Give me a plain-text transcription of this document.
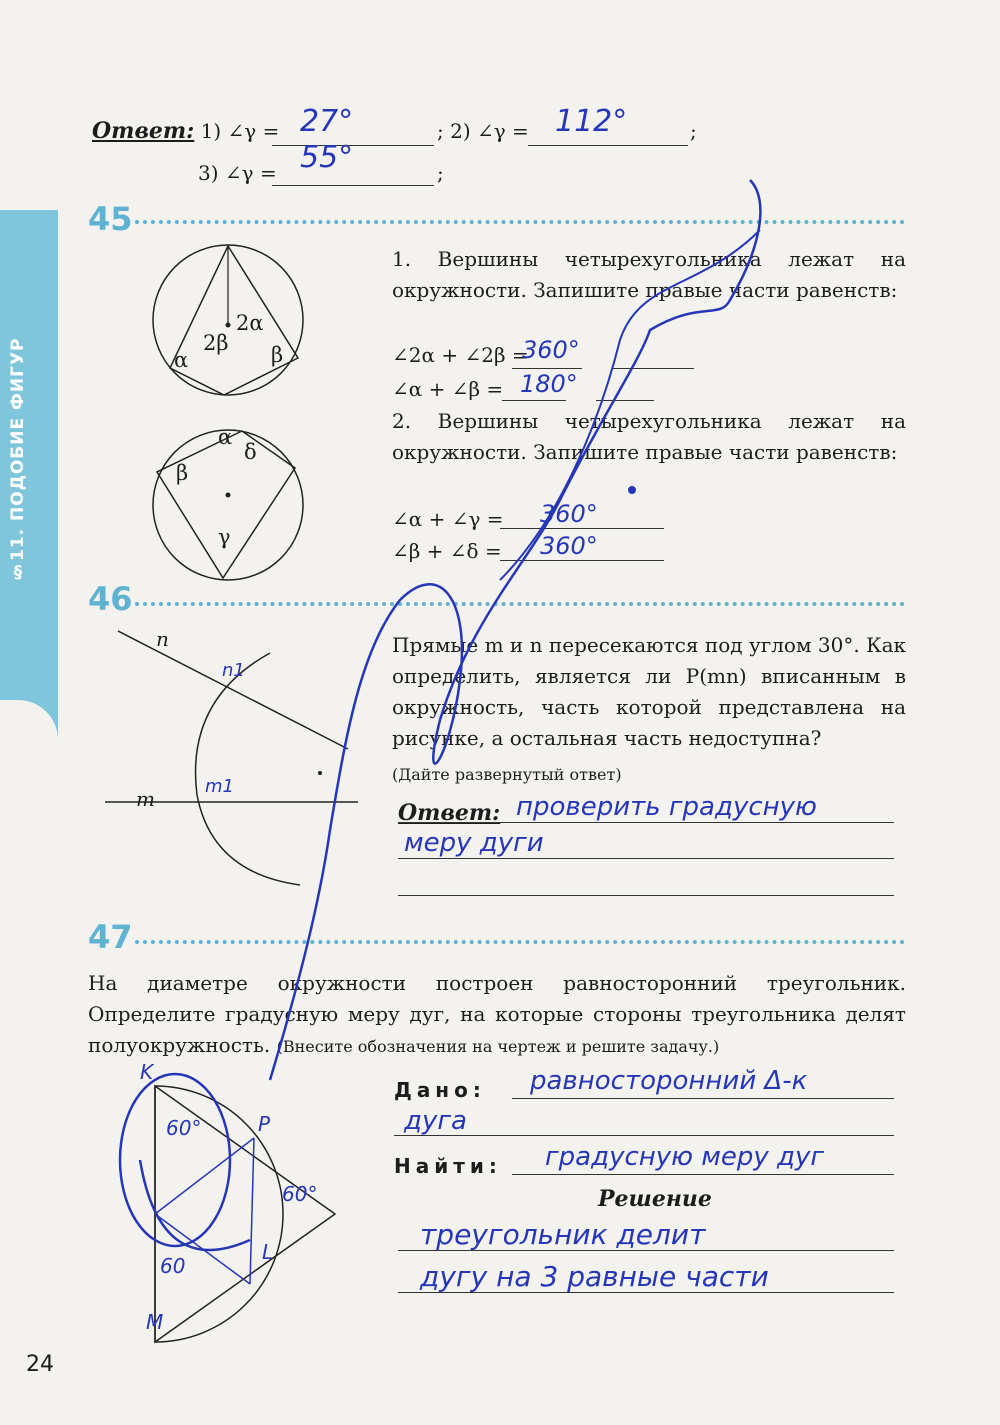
§11. ПОДОБИЕ ФИГУР
Ответ: 1) ∠γ = 27°	; 2) ∠γ = 112°	;
3) ∠γ = 55°	;
45
2α
2β
α	β
α
β
γ
δ
1. Вершины четырехугольника лежат на окружности. Запишите правые части равенств:
∠2α + ∠2β =
360°
∠α + ∠β = 180°
2. Вершины четырехугольника лежат на окружности. Запишите правые части равенств:
∠α + ∠γ = 360°
∠β + ∠δ = 360°
46
n
m
n1
m1
Прямые m и n пересекаются под углом 30°. Как определить, является ли P(mn) вписанным в окружность, часть которой представлена на рисунке, а остальная часть недоступна?
(Дайте развернутый ответ)
Ответ: проверить градусную
меру дуги
47
На диаметре окружности построен равносторонний треугольник. Определите градусную меру дуг, на которые стороны треугольника делят полуокружность. (Внесите обозначения на чертеж и решите задачу.)
K
P
L
M
60°
60°
60
Дано: равносторонний Δ-к
дуга
Найти: градусную меру дуг
Решение
треугольник делит
дугу на 3 равные части
24
